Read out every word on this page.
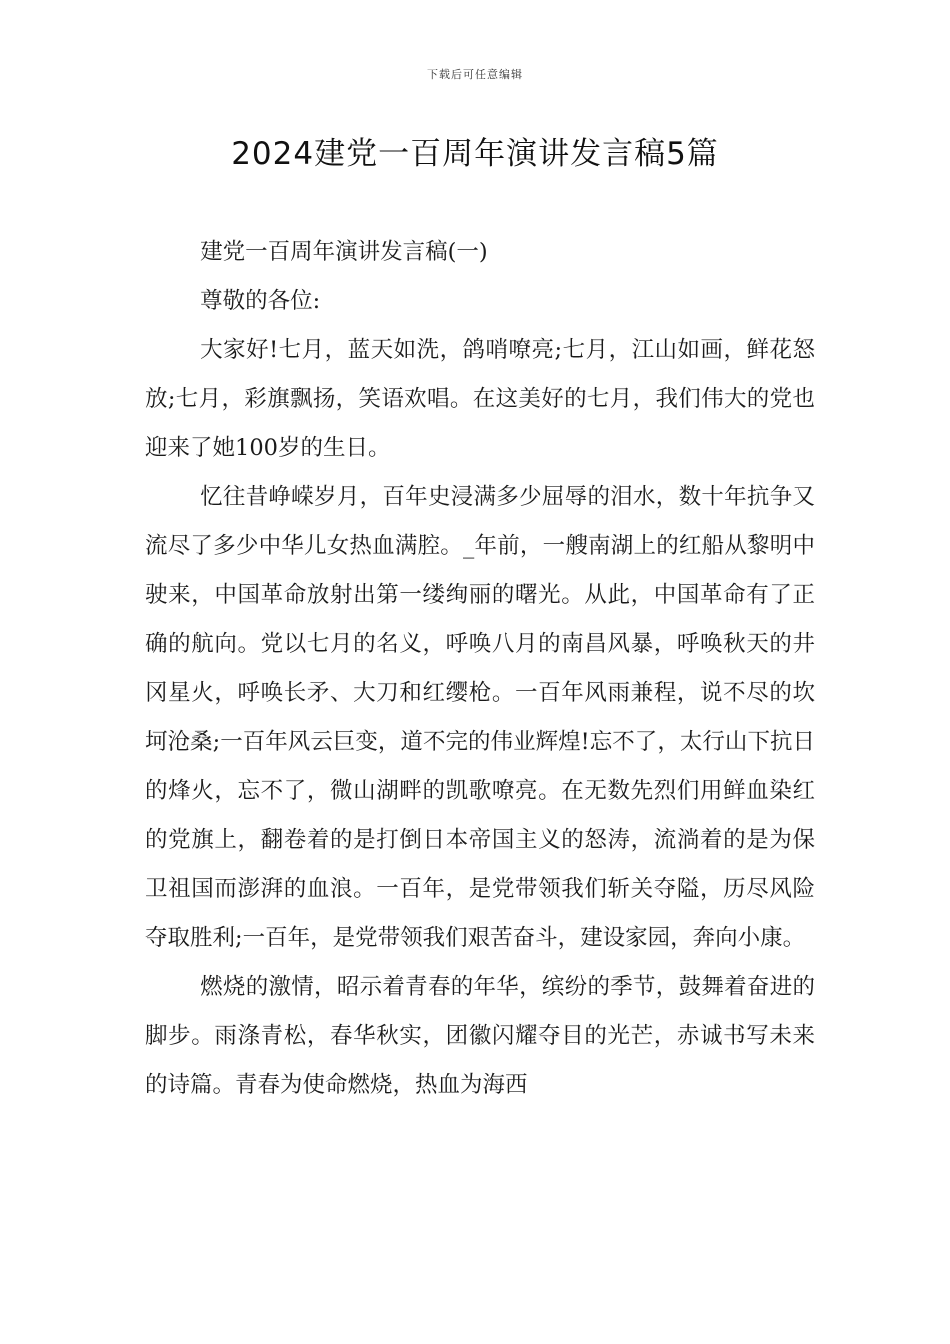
下载后可任意编辑
2024建党一百周年演讲发言稿5篇

建党一百周年演讲发言稿(一)

尊敬的各位:

大家好!七月，蓝天如洗，鸽哨嘹亮;七月，江山如画，鲜花怒放;七月，彩旗飘扬，笑语欢唱。在这美好的七月，我们伟大的党也迎来了她100岁的生日。

忆往昔峥嵘岁月，百年史浸满多少屈辱的泪水，数十年抗争又流尽了多少中华儿女热血满腔。_年前，一艘南湖上的红船从黎明中驶来，中国革命放射出第一缕绚丽的曙光。从此，中国革命有了正确的航向。党以七月的名义，呼唤八月的南昌风暴，呼唤秋天的井冈星火，呼唤长矛、大刀和红缨枪。一百年风雨兼程，说不尽的坎坷沧桑;一百年风云巨变，道不完的伟业辉煌!忘不了，太行山下抗日的烽火，忘不了，微山湖畔的凯歌嘹亮。在无数先烈们用鲜血染红的党旗上，翻卷着的是打倒日本帝国主义的怒涛，流淌着的是为保卫祖国而澎湃的血浪。一百年，是党带领我们斩关夺隘，历尽风险夺取胜利;一百年，是党带领我们艰苦奋斗，建设家园，奔向小康。

燃烧的激情，昭示着青春的年华，缤纷的季节，鼓舞着奋进的脚步。雨涤青松，春华秋实，团徽闪耀夺目的光芒，赤诚书写未来的诗篇。青春为使命燃烧，热血为海西
